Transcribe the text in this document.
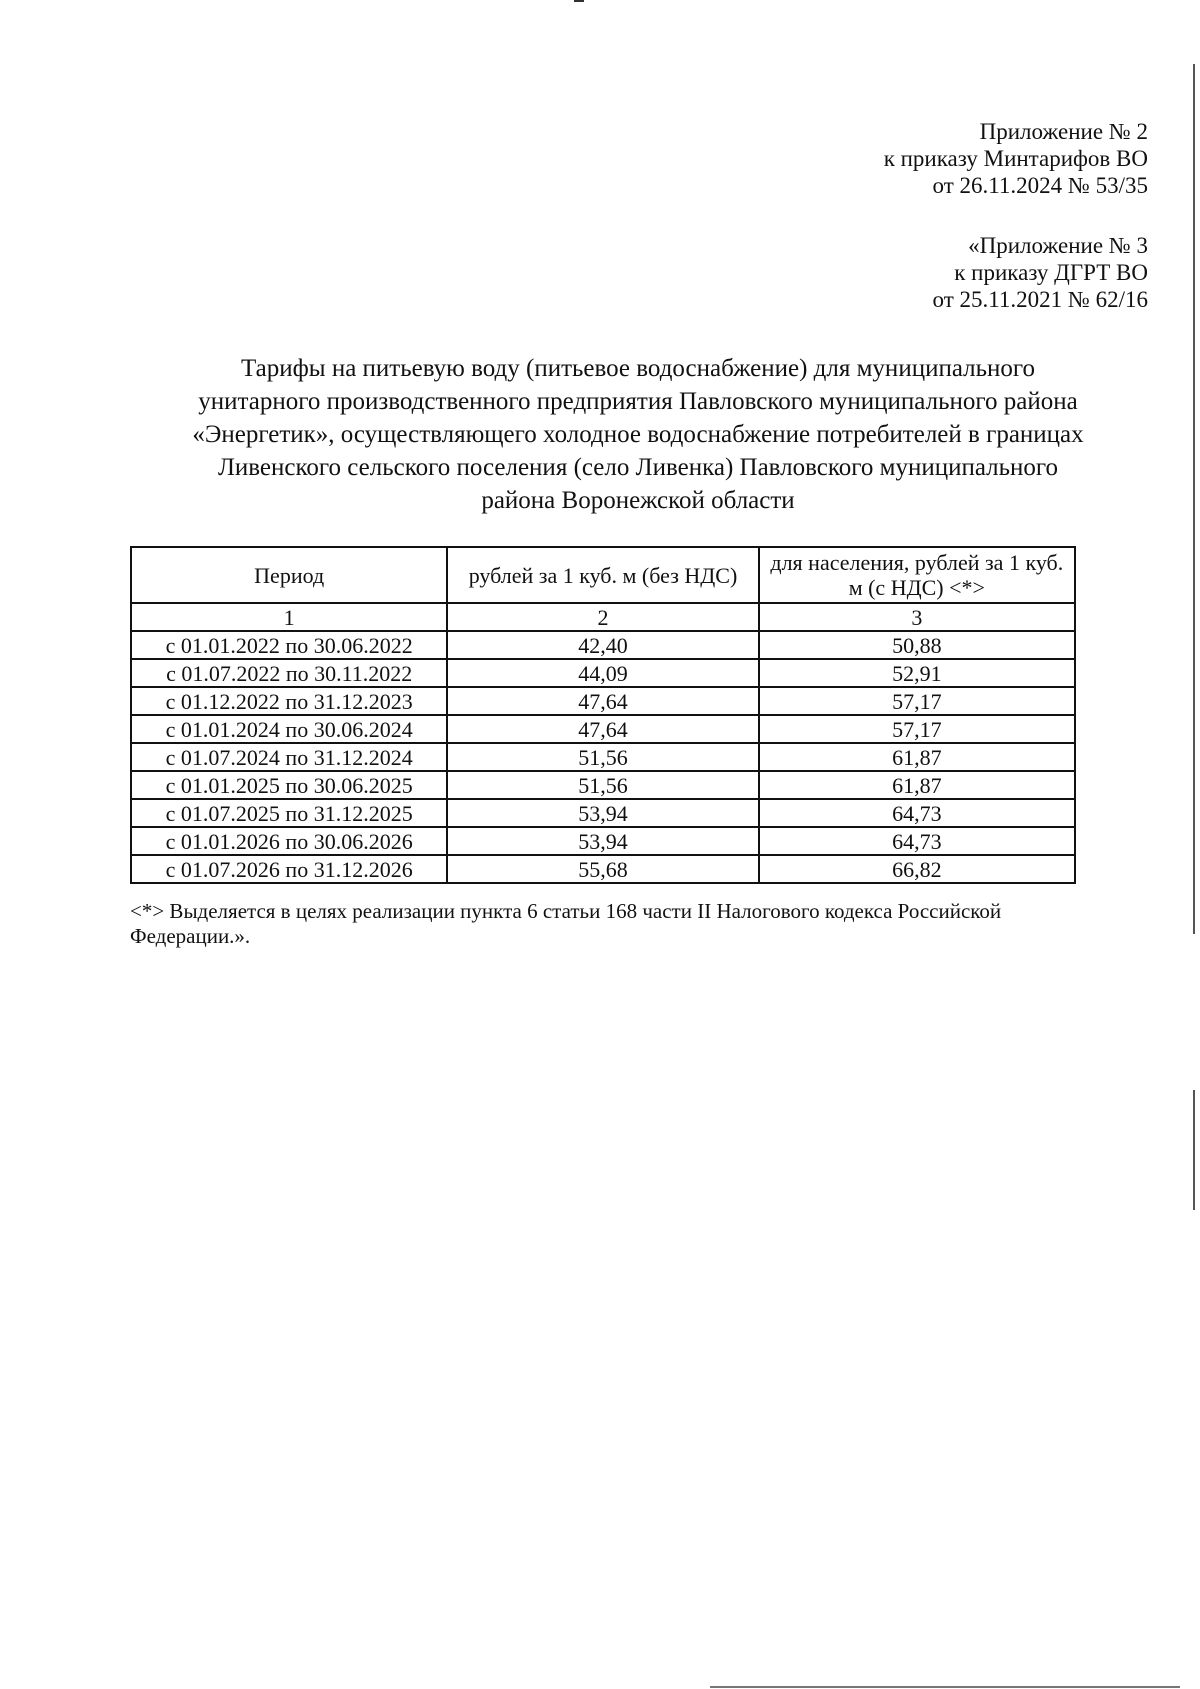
Приложение № 2
к приказу Минтарифов ВО
от 26.11.2024 № 53/35
«Приложение № 3
к приказу ДГРТ ВО
от 25.11.2021 № 62/16
Тарифы на питьевую воду (питьевое водоснабжение) для муниципального
унитарного производственного предприятия Павловского муниципального района
«Энергетик», осуществляющего холодное водоснабжение потребителей в границах
Ливенского сельского поселения (село Ливенка) Павловского муниципального
района Воронежской области
Период	рублей за 1 куб. м (без НДС)	для населения, рублей за 1 куб. м (с НДС) <*>
1	2	3
с 01.01.2022 по 30.06.2022	42,40	50,88
с 01.07.2022 по 30.11.2022	44,09	52,91
с 01.12.2022 по 31.12.2023	47,64	57,17
с 01.01.2024 по 30.06.2024	47,64	57,17
с 01.07.2024 по 31.12.2024	51,56	61,87
с 01.01.2025 по 30.06.2025	51,56	61,87
с 01.07.2025 по 31.12.2025	53,94	64,73
с 01.01.2026 по 30.06.2026	53,94	64,73
с 01.07.2026 по 31.12.2026	55,68	66,82
<*> Выделяется в целях реализации пункта 6 статьи 168 части II Налогового кодекса Российской Федерации.».
